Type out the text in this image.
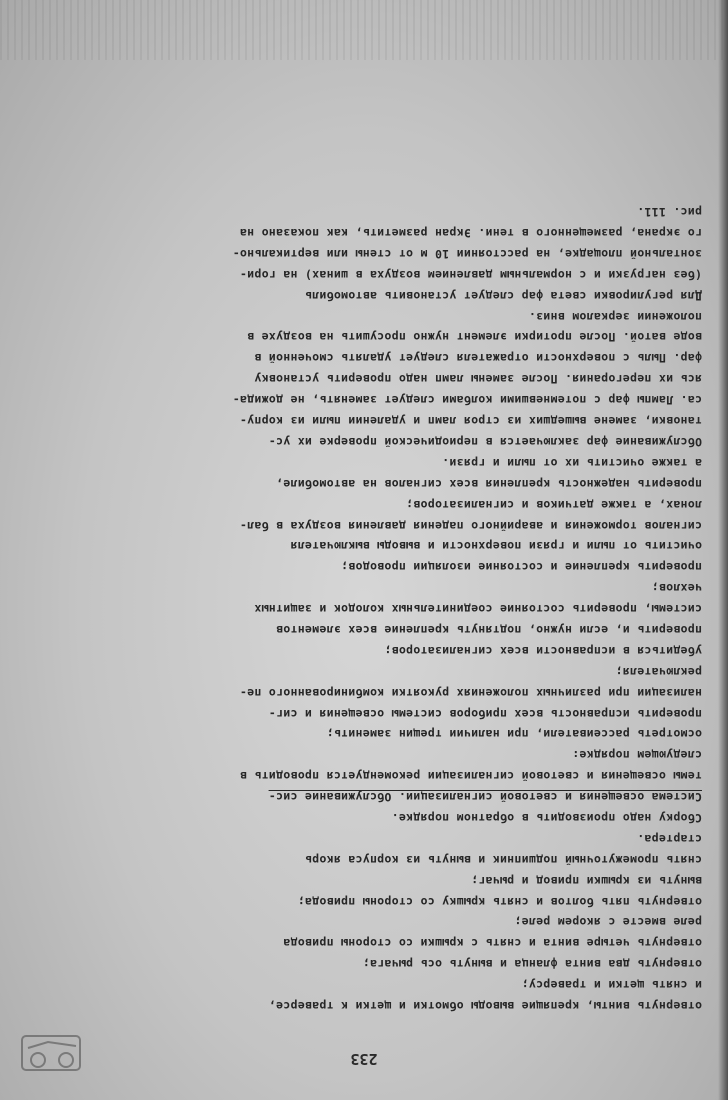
233
отвернуть винты, крепящие выводы обмотки и щетки к траверсе,
и снять щетки и траверсу;
отвернуть два винта фланца и вынуть ось рычага;
отвернуть четыре винта и снять с крышки со стороны привода
реле вместе с якорем реле;
отвернуть пять болтов и снять крышку со стороны привода;
вынуть из крышки привод и рычаг;
снять промежуточный подшипник и вынуть из корпуса якорь
стартера.
Сборку надо производить в обратном порядке.
Система освещения и световой сигнализации. Обслуживание сис-
темы освещения и световой сигнализации рекомендуется проводить в
следующем порядке:
осмотреть рассеиватели, при наличии трещин заменить;
проверить исправность всех приборов системы освещения и сиг-
нализации при различных положениях рукоятки комбинированного пе-
реключателя;
убедиться в исправности всех сигнализаторов;
проверить и, если нужно, подтянуть крепление всех элементов
системы, проверить состояние соединительных колодок и защитных
чехлов;
проверить крепление и состояние изоляции проводов;
очистить от пыли и грязи поверхности и выводы выключателя
сигналов торможения и аварийного падения давления воздуха в бал-
лонах, а также датчиков и сигнализаторов;
проверить надежность крепления всех сигналов на автомобиле,
а также очистить их от пыли и грязи.
Обслуживание фар заключается в периодической проверке их ус-
тановки, замене вышедших из строя ламп и удалении пыли из корпу-
са. Лампы фар с потемневшими колбами следует заменять, не дожида-
ясь их перегорания. После замены ламп надо проверить установку
фар. Пыль с поверхности отражателя следует удалять смоченной в
воде ватой. После протирки элемент нужно просушить на воздухе в
положении зеркалом вниз.
Для регулировки света фар следует установить автомобиль
(без нагрузки и с нормальным давлением воздуха в шинах) на гори-
зонтальной площадке, на расстоянии 10 м от стены или вертикально-
го экрана, размещенного в тени. Экран разметить, как показано на
рис. 111.
